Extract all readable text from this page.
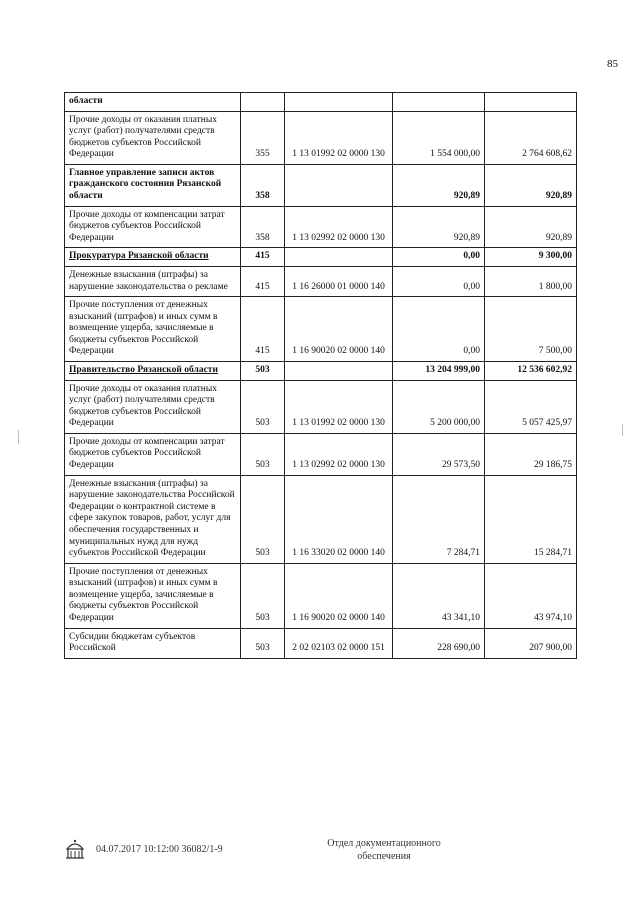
85
области				
Прочие доходы от оказания платных услуг (работ) получателями средств бюджетов субъектов Российской Федерации	355	1 13 01992 02 0000 130	1 554 000,00	2 764 608,62
Главное управление записи актов гражданского состояния Рязанской области	358		920,89	920,89
Прочие доходы от компенсации затрат бюджетов субъектов Российской Федерации	358	1 13 02992 02 0000 130	920,89	920,89
Прокуратура Рязанской области	415		0,00	9 300,00
Денежные взыскания (штрафы) за нарушение законодательства о рекламе	415	1 16 26000 01 0000 140	0,00	1 800,00
Прочие поступления от денежных взысканий (штрафов) и иных сумм в возмещение ущерба, зачисляемые в бюджеты субъектов Российской Федерации	415	1 16 90020 02 0000 140	0,00	7 500,00
Правительство Рязанской области	503		13 204 999,00	12 536 602,92
Прочие доходы от оказания платных услуг (работ) получателями средств бюджетов субъектов Российской Федерации	503	1 13 01992 02 0000 130	5 200 000,00	5 057 425,97
Прочие доходы от компенсации затрат бюджетов субъектов Российской Федерации	503	1 13 02992 02 0000 130	29 573,50	29 186,75
Денежные взыскания (штрафы) за нарушение законодательства Российской Федерации о контрактной системе в сфере закупок товаров, работ, услуг для обеспечения государственных и муниципальных нужд для нужд субъектов Российской Федерации	503	1 16 33020 02 0000 140	7 284,71	15 284,71
Прочие поступления от денежных взысканий (штрафов) и иных сумм в возмещение ущерба, зачисляемые в бюджеты субъектов Российской Федерации	503	1 16 90020 02 0000 140	43 341,10	43 974,10
Субсидии бюджетам субъектов Российской	503	2 02 02103 02 0000 151	228 690,00	207 900,00
04.07.2017 10:12:00 36082/1-9
Отдел документационного обеспечения
